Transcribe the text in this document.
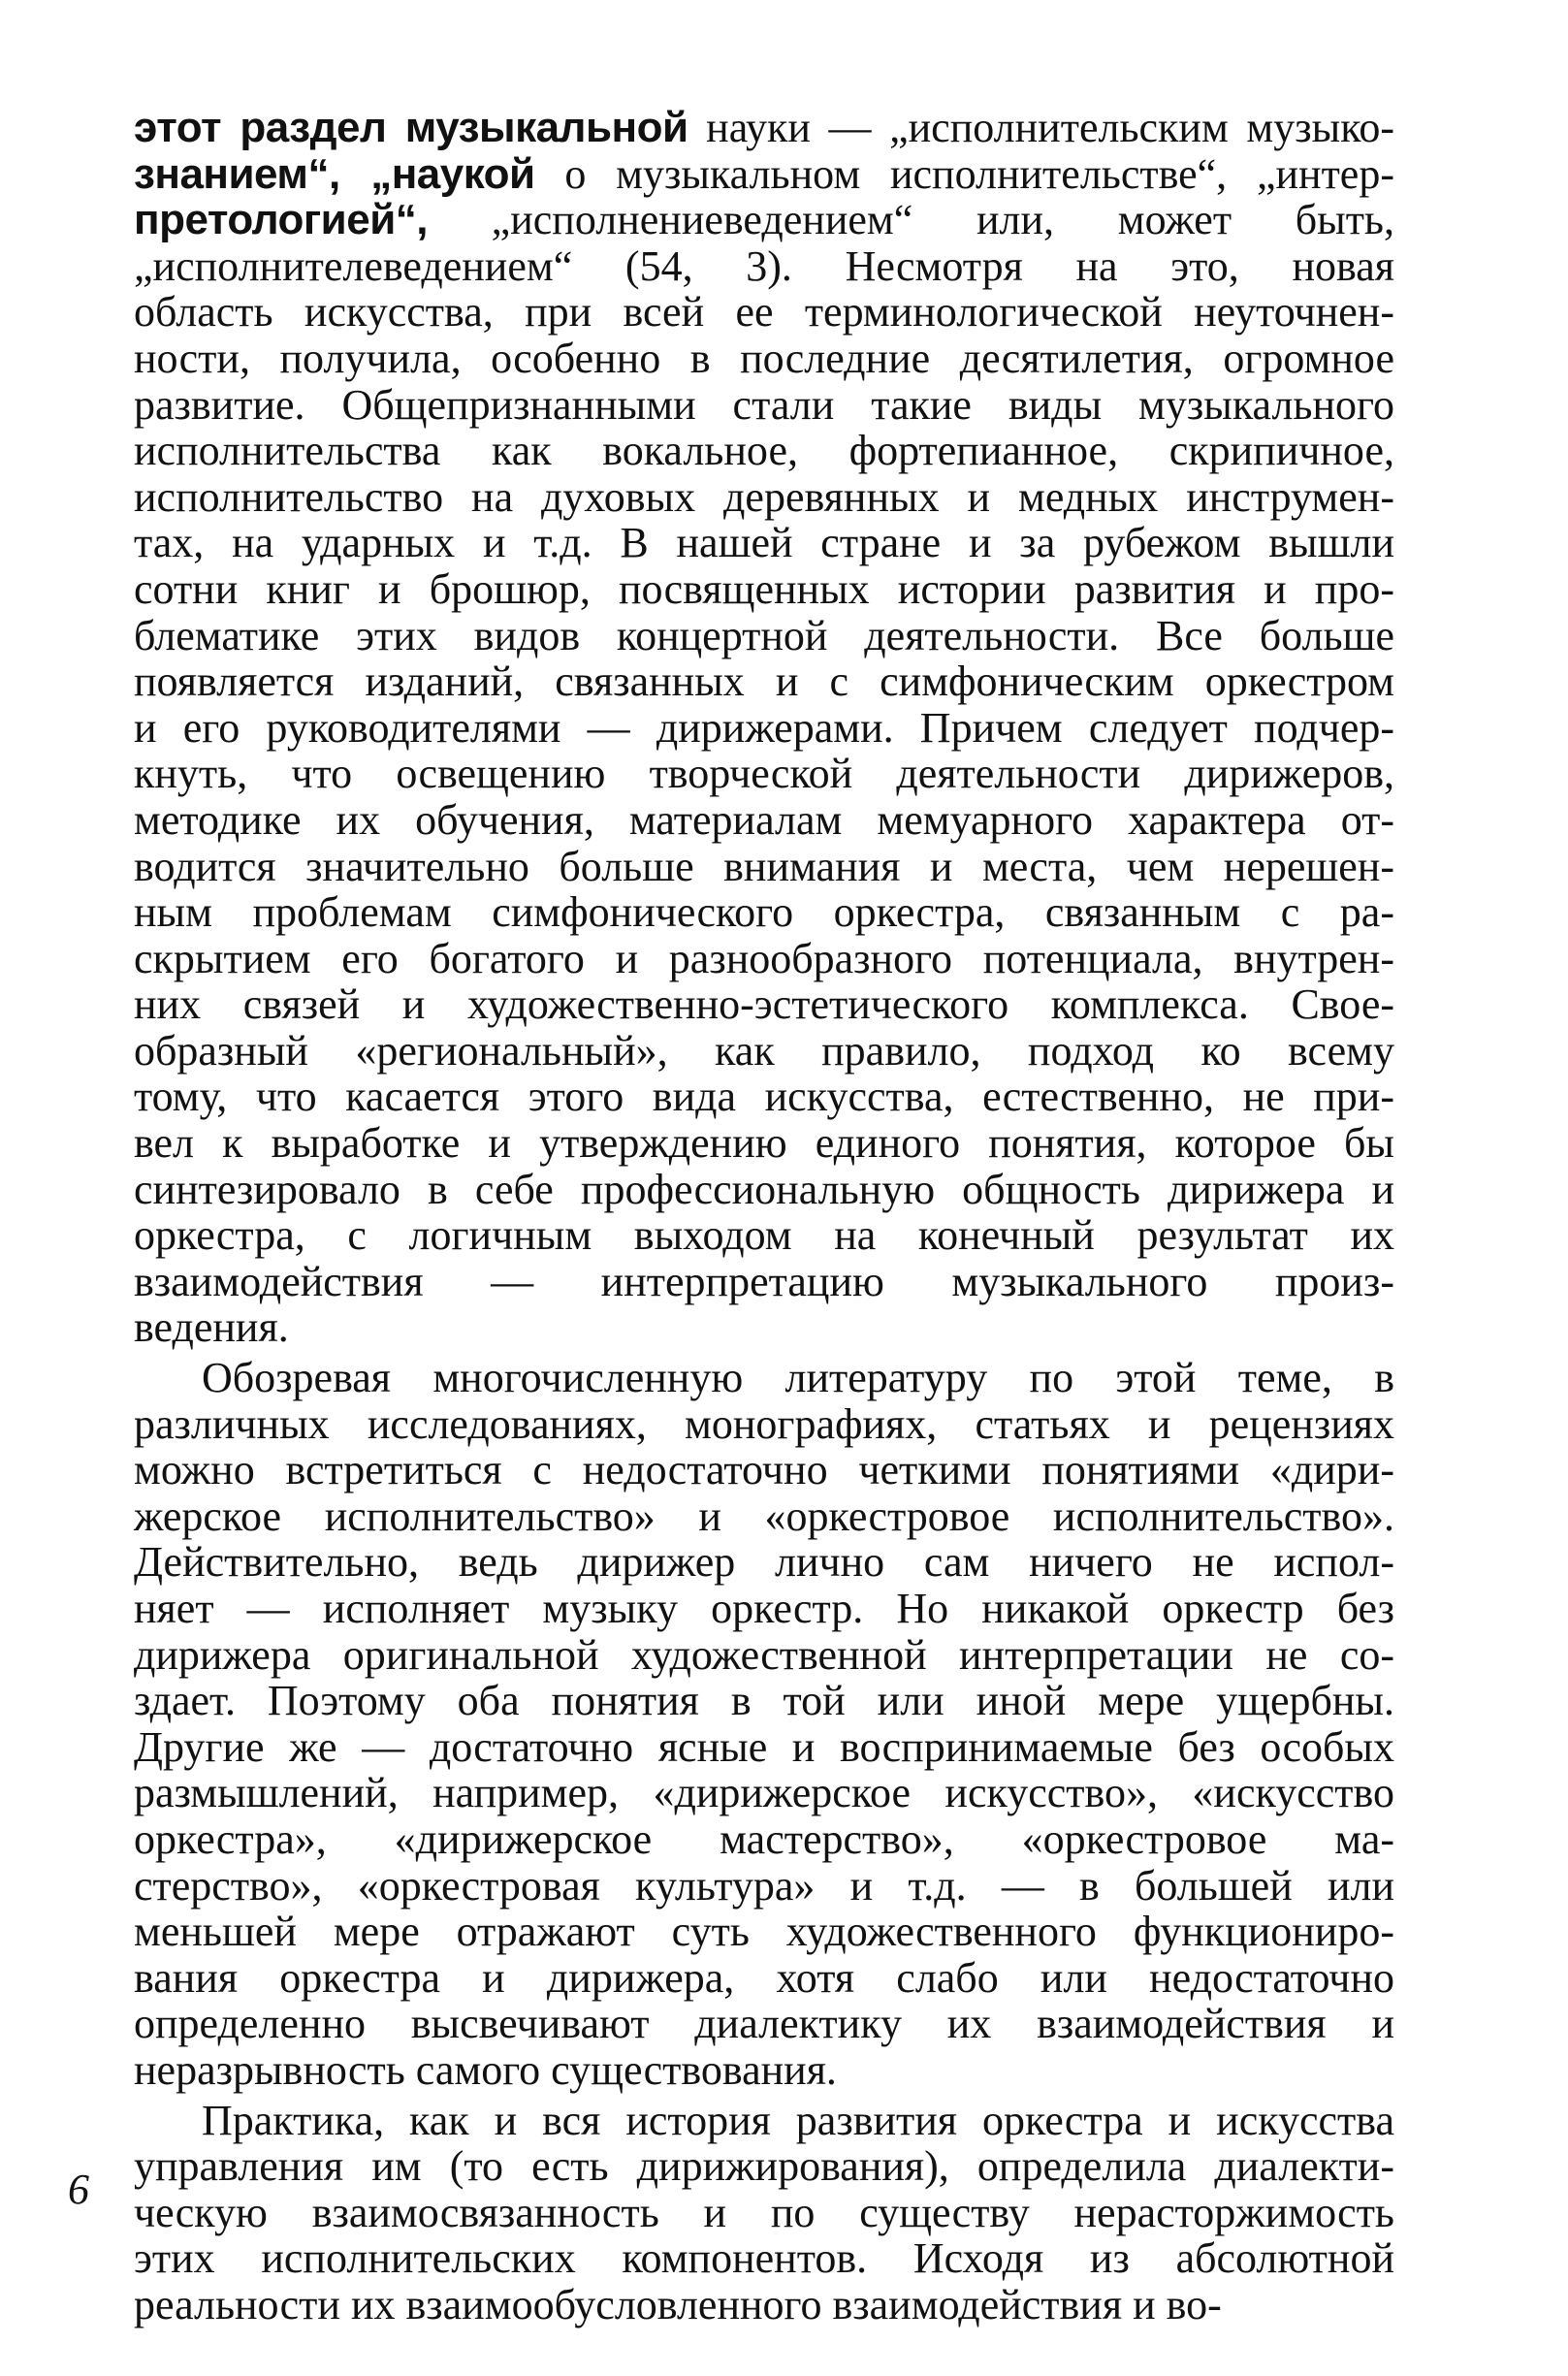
этот раздел музыкальной науки — „исполнительским музыко-
знанием“, „наукой о музыкальном исполнительстве“, „интер-
претологией“, „исполнениеведением“ или, может быть,
„исполнителеведением“ (54, 3). Несмотря на это, новая
область искусства, при всей ее терминологической неуточнен-
ности, получила, особенно в последние десятилетия, огромное
развитие. Общепризнанными стали такие виды музыкального
исполнительства как вокальное, фортепианное, скрипичное,
исполнительство на духовых деревянных и медных инструмен-
тах, на ударных и т.д. В нашей стране и за рубежом вышли
сотни книг и брошюр, посвященных истории развития и про-
блематике этих видов концертной деятельности. Все больше
появляется изданий, связанных и с симфоническим оркестром
и его руководителями — дирижерами. Причем следует подчер-
кнуть, что освещению творческой деятельности дирижеров,
методике их обучения, материалам мемуарного характера от-
водится значительно больше внимания и места, чем нерешен-
ным проблемам симфонического оркестра, связанным с ра-
скрытием его богатого и разнообразного потенциала, внутрен-
них связей и художественно-эстетического комплекса. Свое-
образный «региональный», как правило, подход ко всему
тому, что касается этого вида искусства, естественно, не при-
вел к выработке и утверждению единого понятия, которое бы
синтезировало в себе профессиональную общность дирижера и
оркестра, с логичным выходом на конечный результат их
взаимодействия — интерпретацию музыкального произ-
ведения.
Обозревая многочисленную литературу по этой теме, в
различных исследованиях, монографиях, статьях и рецензиях
можно встретиться с недостаточно четкими понятиями «дири-
жерское исполнительство» и «оркестровое исполнительство».
Действительно, ведь дирижер лично сам ничего не испол-
няет — исполняет музыку оркестр. Но никакой оркестр без
дирижера оригинальной художественной интерпретации не со-
здает. Поэтому оба понятия в той или иной мере ущербны.
Другие же — достаточно ясные и воспринимаемые без особых
размышлений, например, «дирижерское искусство», «искусство
оркестра», «дирижерское мастерство», «оркестровое ма-
стерство», «оркестровая культура» и т.д. — в большей или
меньшей мере отражают суть художественного функциониро-
вания оркестра и дирижера, хотя слабо или недостаточно
определенно высвечивают диалектику их взаимодействия и
неразрывность самого существования.
Практика, как и вся история развития оркестра и искусства
управления им (то есть дирижирования), определила диалекти-
ческую взаимосвязанность и по существу нерасторжимость
этих исполнительских компонентов. Исходя из абсолютной
реальности их взаимообусловленного взаимодействия и во-
6
